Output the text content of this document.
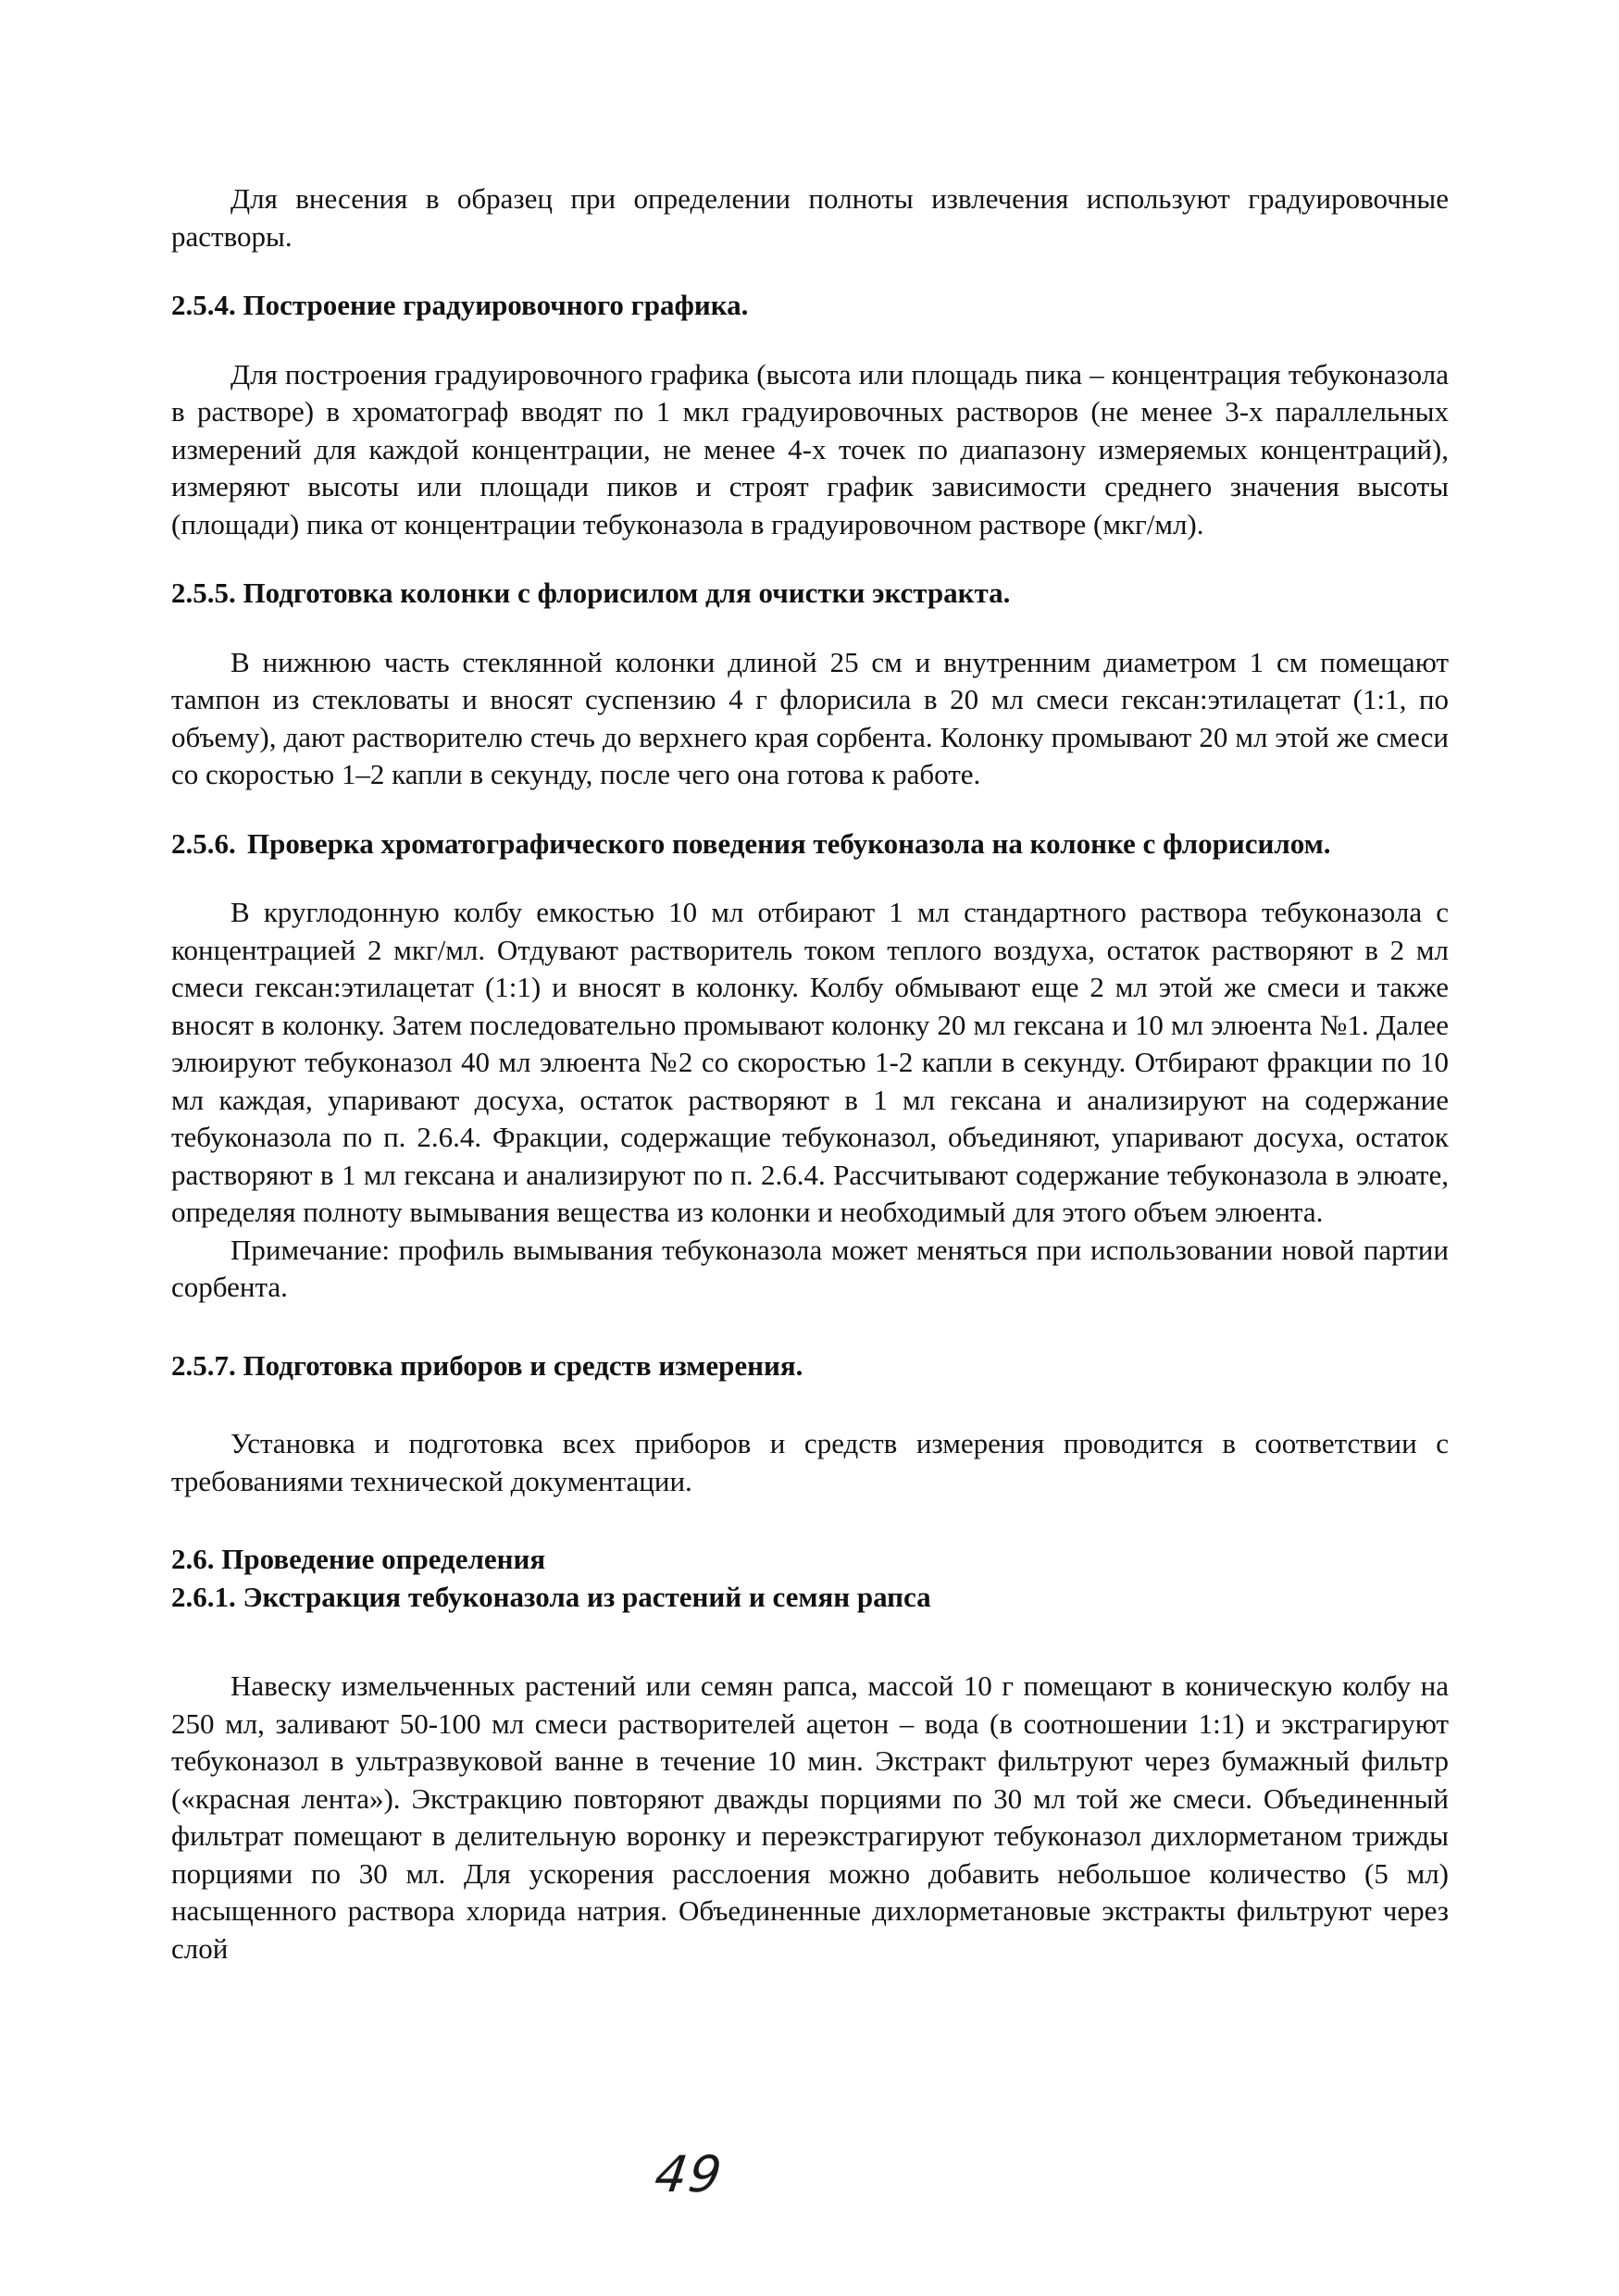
Для внесения в образец при определении полноты извлечения используют градуировочные растворы.

2.5.4. Построение градуировочного графика.

Для построения градуировочного графика (высота или площадь пика – концентрация тебуконазола в растворе) в хроматограф вводят по 1 мкл градуировочных растворов (не менее 3-х параллельных измерений для каждой концентрации, не менее 4-х точек по диапазону измеряемых концентраций), измеряют высоты или площади пиков и строят график зависимости среднего значения высоты (площади) пика от концентрации тебуконазола в градуировочном растворе (мкг/мл).

2.5.5. Подготовка колонки с флорисилом для очистки экстракта.

В нижнюю часть стеклянной колонки длиной 25 см и внутренним диаметром 1 см помещают тампон из стекловаты и вносят суспензию 4 г флорисила в 20 мл смеси гексан:этилацетат (1:1, по объему), дают растворителю стечь до верхнего края сорбента. Колонку промывают 20 мл этой же смеси со скоростью 1–2 капли в секунду, после чего она готова к работе.

2.5.6. Проверка хроматографического поведения тебуконазола на колонке с флорисилом.

В круглодонную колбу емкостью 10 мл отбирают 1 мл стандартного раствора тебуконазола с концентрацией 2 мкг/мл. Отдувают растворитель током теплого воздуха, остаток растворяют в 2 мл смеси гексан:этилацетат (1:1) и вносят в колонку. Колбу обмывают еще 2 мл этой же смеси и также вносят в колонку. Затем последовательно промывают колонку 20 мл гексана и 10 мл элюента №1. Далее элюируют тебуконазол 40 мл элюента №2 со скоростью 1-2 капли в секунду. Отбирают фракции по 10 мл каждая, упаривают досуха, остаток растворяют в 1 мл гексана и анализируют на содержание тебуконазола по п. 2.6.4. Фракции, содержащие тебуконазол, объединяют, упаривают досуха, остаток растворяют в 1 мл гексана и анализируют по п. 2.6.4. Рассчитывают содержание тебуконазола в элюате, определяя полноту вымывания вещества из колонки и необходимый для этого объем элюента.

Примечание: профиль вымывания тебуконазола может меняться при использовании новой партии сорбента.

2.5.7. Подготовка приборов и средств измерения.

Установка и подготовка всех приборов и средств измерения проводится в соответствии с требованиями технической документации.

2.6. Проведение определения
2.6.1. Экстракция тебуконазола из растений и семян рапса

Навеску измельченных растений или семян рапса, массой 10 г помещают в коническую колбу на 250 мл, заливают 50-100 мл смеси растворителей ацетон – вода (в соотношении 1:1) и экстрагируют тебуконазол в ультразвуковой ванне в течение 10 мин. Экстракт фильтруют через бумажный фильтр («красная лента»). Экстракцию повторяют дважды порциями по 30 мл той же смеси. Объединенный фильтрат помещают в делительную воронку и переэкстрагируют тебуконазол дихлорметаном трижды порциями по 30 мл. Для ускорения расслоения можно добавить небольшое количество (5 мл) насыщенного раствора хлорида натрия. Объединенные дихлорметановые экстракты фильтруют через слой

49
